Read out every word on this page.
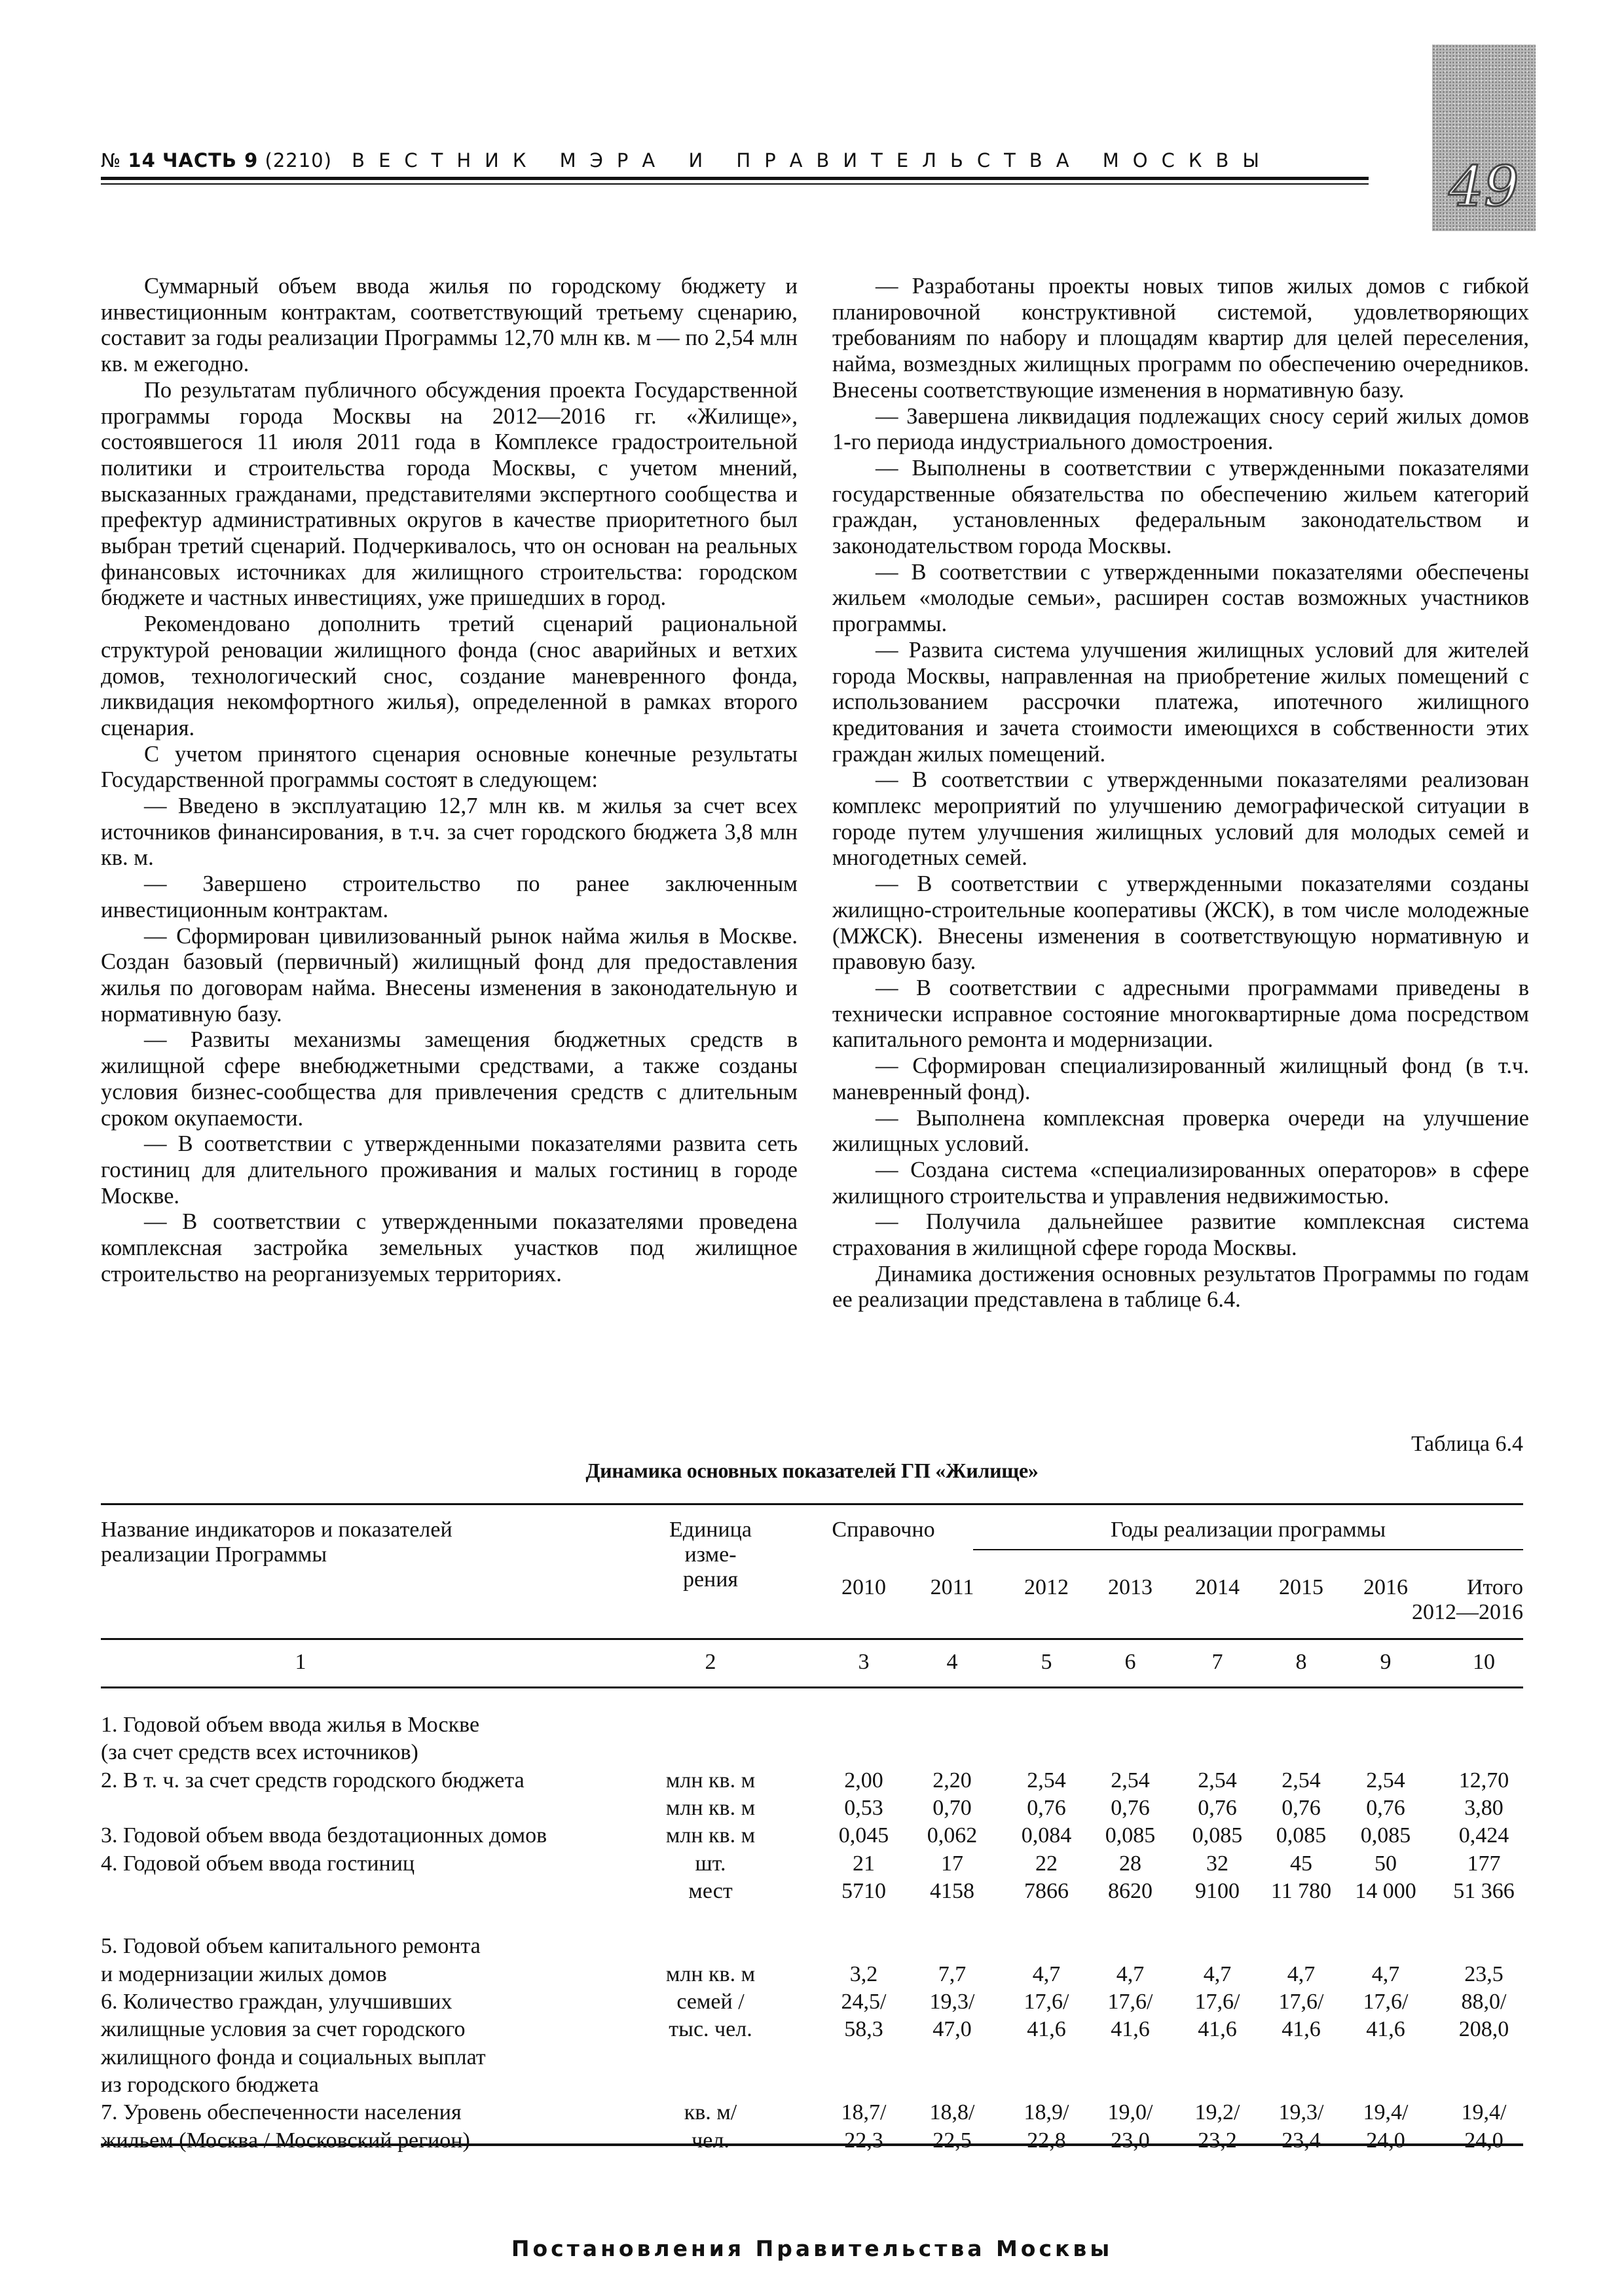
№ 14 ЧАСТЬ 9 (2210) ВЕСТНИК МЭРА И ПРАВИТЕЛЬСТВА МОСКВЫ	49

Суммарный объем ввода жилья по городскому бюджету и инвестиционным контрактам, соответствующий третьему сценарию, составит за годы реализации Программы 12,70 млн кв. м — по 2,54 млн кв. м ежегодно.

По результатам публичного обсуждения проекта Государственной программы города Москвы на 2012—2016 гг. «Жилище», состоявшегося 11 июля 2011 года в Комплексе градостроительной политики и строительства города Москвы, с учетом мнений, высказанных гражданами, представителями экспертного сообщества и префектур административных округов в качестве приоритетного был выбран третий сценарий. Подчеркивалось, что он основан на реальных финансовых источниках для жилищного строительства: городском бюджете и частных инвестициях, уже пришедших в город.

Рекомендовано дополнить третий сценарий рациональной структурой реновации жилищного фонда (снос аварийных и ветхих домов, технологический снос, создание маневренного фонда, ликвидация некомфортного жилья), определенной в рамках второго сценария.

С учетом принятого сценария основные конечные результаты Государственной программы состоят в следующем:

— Введено в эксплуатацию 12,7 млн кв. м жилья за счет всех источников финансирования, в т.ч. за счет городского бюджета 3,8 млн кв. м.

— Завершено строительство по ранее заключенным инвестиционным контрактам.

— Сформирован цивилизованный рынок найма жилья в Москве. Создан базовый (первичный) жилищный фонд для предоставления жилья по договорам найма. Внесены изменения в законодательную и нормативную базу.

— Развиты механизмы замещения бюджетных средств в жилищной сфере внебюджетными средствами, а также созданы условия бизнес-сообщества для привлечения средств с длительным сроком окупаемости.

— В соответствии с утвержденными показателями развита сеть гостиниц для длительного проживания и малых гостиниц в городе Москве.

— В соответствии с утвержденными показателями проведена комплексная застройка земельных участков под жилищное строительство на реорганизуемых территориях.

— Разработаны проекты новых типов жилых домов с гибкой планировочной конструктивной системой, удовлетворяющих требованиям по набору и площадям квартир для целей переселения, найма, возмездных жилищных программ по обеспечению очередников. Внесены соответствующие изменения в нормативную базу.

— Завершена ликвидация подлежащих сносу серий жилых домов 1-го периода индустриального домостроения.

— Выполнены в соответствии с утвержденными показателями государственные обязательства по обеспечению жильем категорий граждан, установленных федеральным законодательством и законодательством города Москвы.

— В соответствии с утвержденными показателями обеспечены жильем «молодые семьи», расширен состав возможных участников программы.

— Развита система улучшения жилищных условий для жителей города Москвы, направленная на приобретение жилых помещений с использованием рассрочки платежа, ипотечного жилищного кредитования и зачета стоимости имеющихся в собственности этих граждан жилых помещений.

— В соответствии с утвержденными показателями реализован комплекс мероприятий по улучшению демографической ситуации в городе путем улучшения жилищных условий для молодых семей и многодетных семей.

— В соответствии с утвержденными показателями созданы жилищно-строительные кооперативы (ЖСК), в том числе молодежные (МЖСК). Внесены изменения в соответствующую нормативную и правовую базу.

— В соответствии с адресными программами приведены в технически исправное состояние многоквартирные дома посредством капитального ремонта и модернизации.

— Сформирован специализированный жилищный фонд (в т.ч. маневренный фонд).

— Выполнена комплексная проверка очереди на улучшение жилищных условий.

— Создана система «специализированных операторов» в сфере жилищного строительства и управления недвижимостью.

— Получила дальнейшее развитие комплексная система страхования в жилищной сфере города Москвы.

Динамика достижения основных результатов Программы по годам ее реализации представлена в таблице 6.4.

Таблица 6.4
Динамика основных показателей ГП «Жилище»
Название индикаторов и показателей
реализации Программы
Единица
изме-
рения
Справочно	Годы реализации программы
2010	2011	2012	2013	2014	2015	2016	Итого
2012—2016
1	2	3	4	5	6	7	8	9	10
1. Годовой объем ввода жилья в Москве
(за счет средств всех источников)
2. В т. ч. за счет средств городского бюджета	млн кв. м	2,00	2,20	2,54	2,54	2,54	2,54	2,54	12,70
млн кв. м	0,53	0,70	0,76	0,76	0,76	0,76	0,76	3,80
3. Годовой объем ввода бездотационных домов	млн кв. м	0,045	0,062	0,084	0,085	0,085	0,085	0,085	0,424
4. Годовой объем ввода гостиниц	шт.	21	17	22	28	32	45	50	177
мест	5710	4158	7866	8620	9100	11 780	14 000	51 366
5. Годовой объем капитального ремонта
и модернизации жилых домов	млн кв. м	3,2	7,7	4,7	4,7	4,7	4,7	4,7	23,5
6. Количество граждан, улучшивших	семей /	24,5/	19,3/	17,6/	17,6/	17,6/	17,6/	17,6/	88,0/
жилищные условия за счет городского	тыс. чел.	58,3	47,0	41,6	41,6	41,6	41,6	41,6	208,0
жилищного фонда и социальных выплат
из городского бюджета
7. Уровень обеспеченности населения	кв. м/	18,7/	18,8/	18,9/	19,0/	19,2/	19,3/	19,4/	19,4/
жильем (Москва / Московский регион)	чел.	22,3	22,5	22,8	23,0	23,2	23,4	24,0	24,0
Постановления Правительства Москвы
